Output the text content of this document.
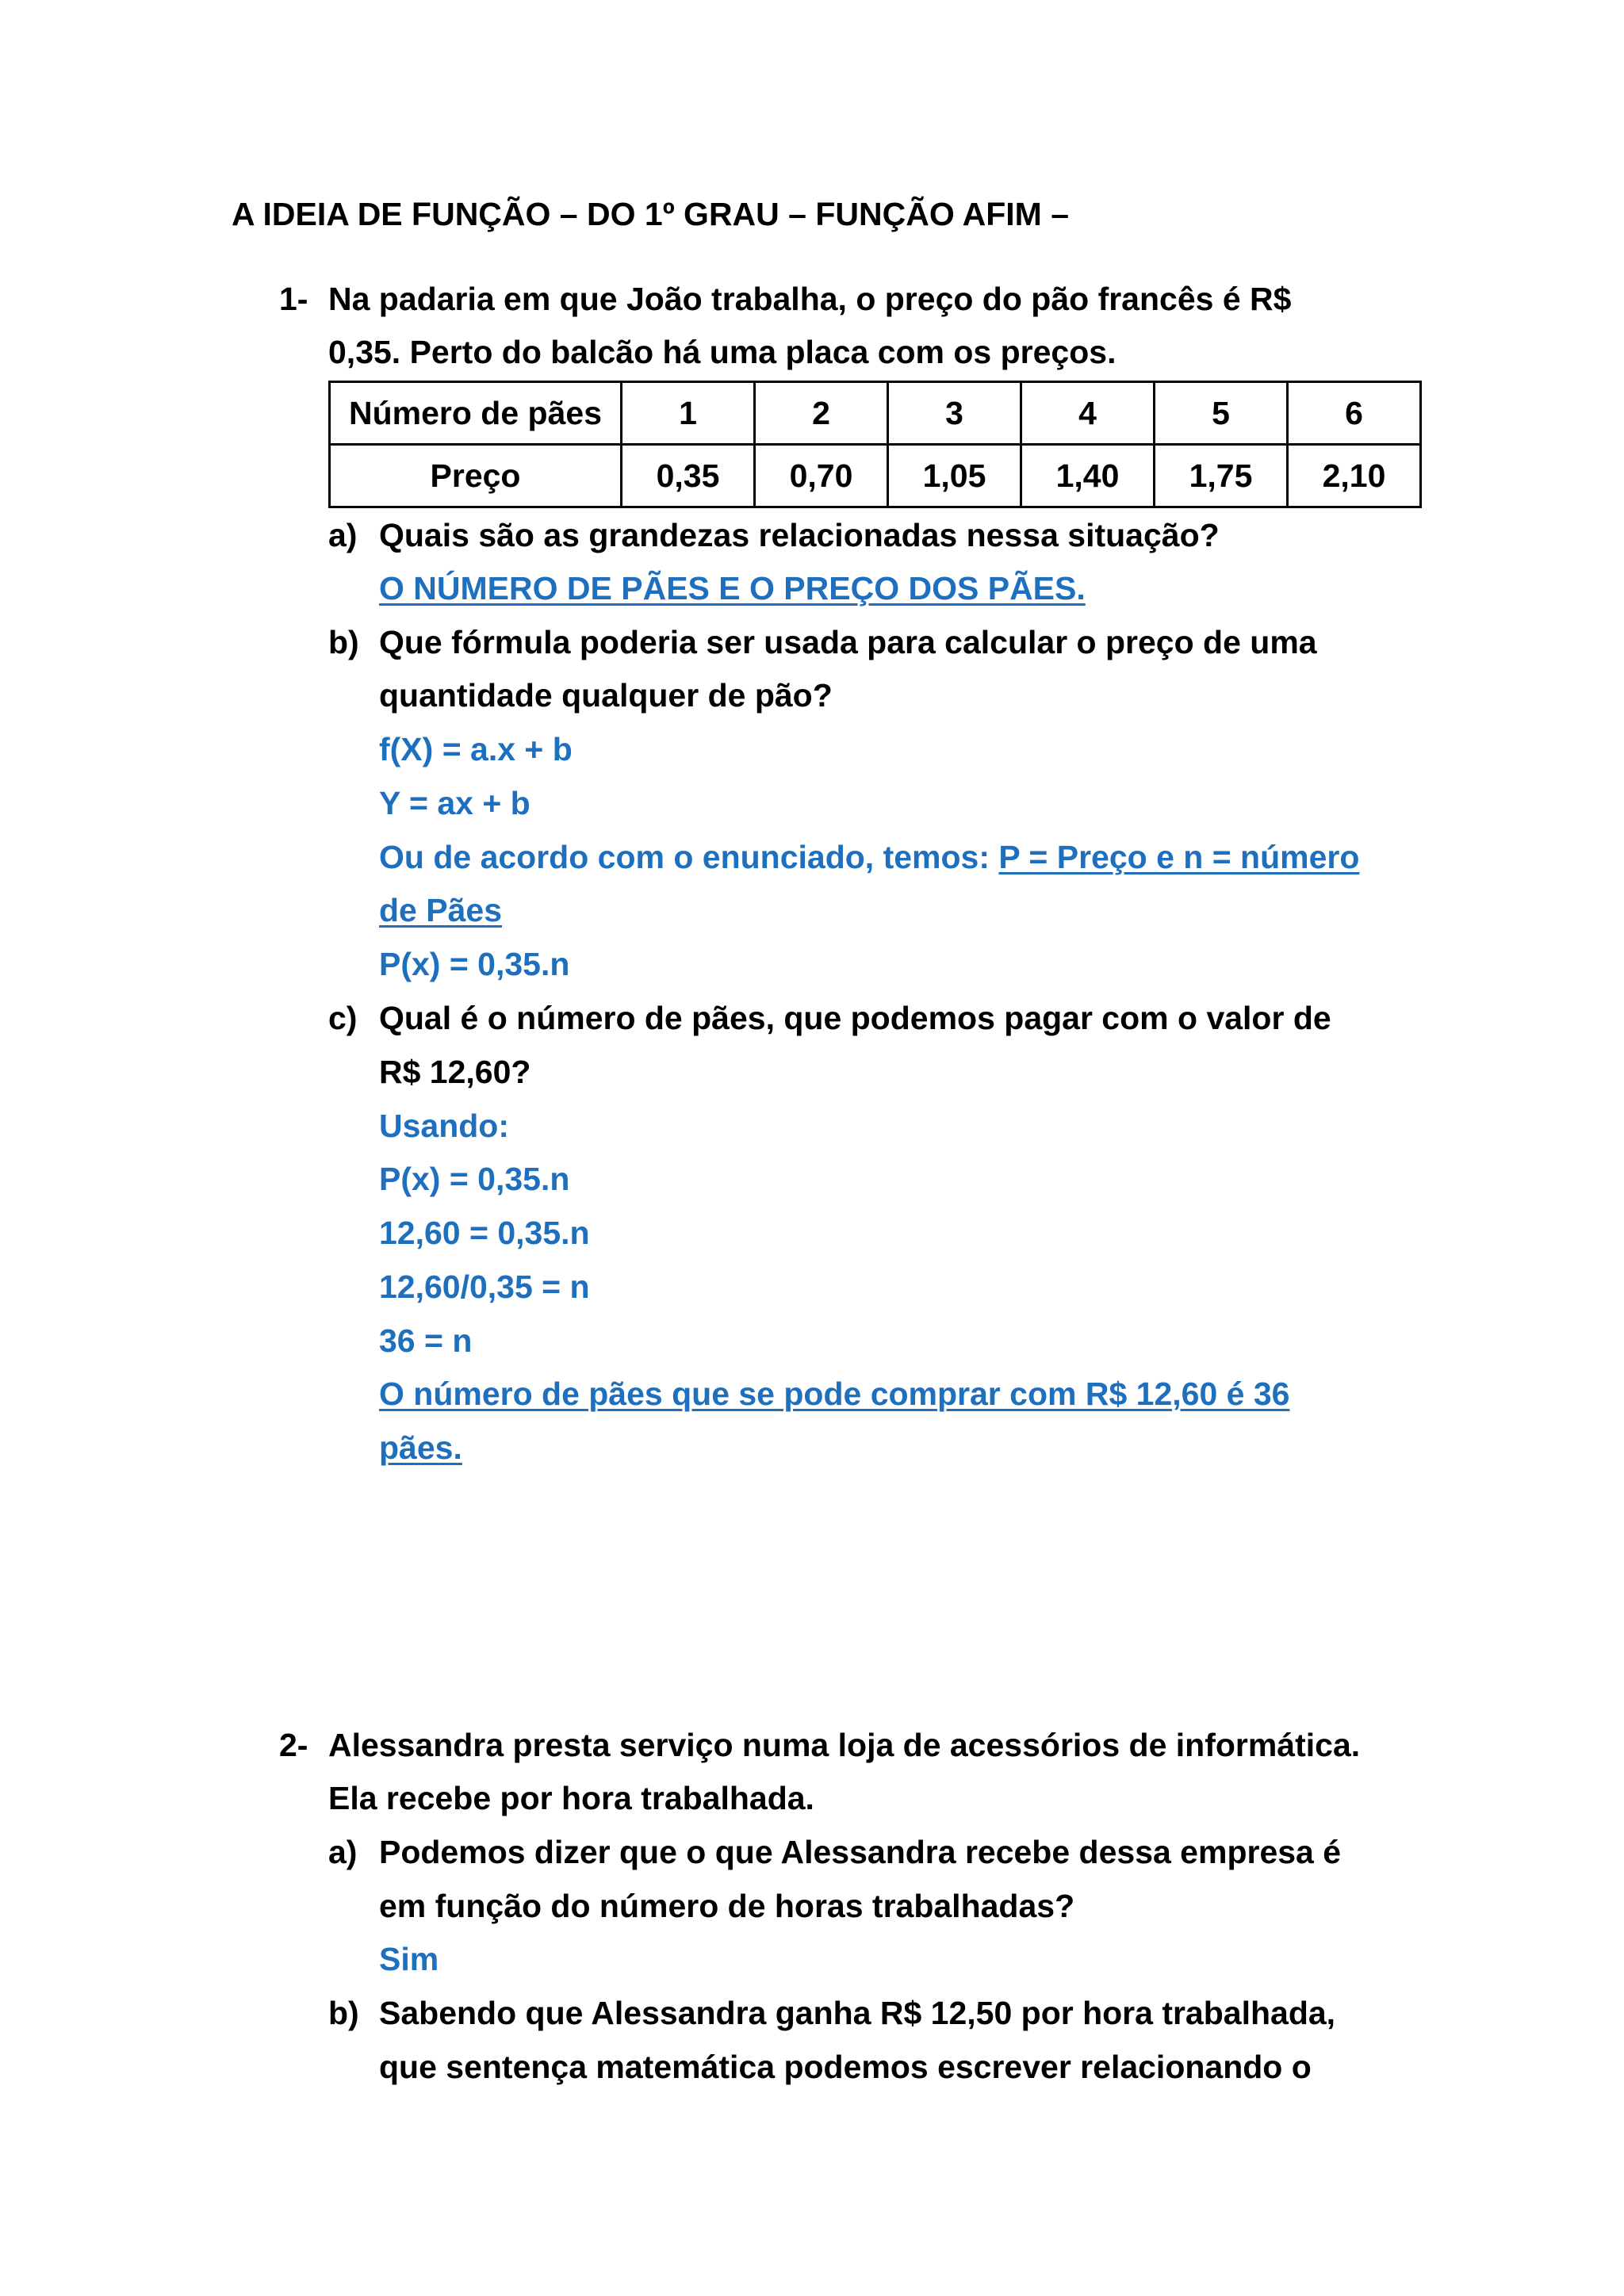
A IDEIA DE FUNÇÃO – DO 1º GRAU – FUNÇÃO AFIM –
1- Na padaria em que João trabalha, o preço do pão francês é R$
0,35. Perto do balcão há uma placa com os preços.
Número de pães	1	2	3	4	5	6
Preço	0,35	0,70	1,05	1,40	1,75	2,10
a) Quais são as grandezas relacionadas nessa situação?
O NÚMERO DE PÃES E O PREÇO DOS PÃES.
b) Que fórmula poderia ser usada para calcular o preço de uma
quantidade qualquer de pão?
f(X) = a.x + b
Y = ax + b
Ou de acordo com o enunciado, temos: P = Preço e n = número
de Pães
P(x) = 0,35.n
c) Qual é o número de pães, que podemos pagar com o valor de
R$ 12,60?
Usando:
P(x) = 0,35.n
12,60 = 0,35.n
12,60/0,35 = n
36 = n
O número de pães que se pode comprar com R$ 12,60 é 36
pães.
2- Alessandra presta serviço numa loja de acessórios de informática.
Ela recebe por hora trabalhada.
a) Podemos dizer que o que Alessandra recebe dessa empresa é
em função do número de horas trabalhadas?
Sim
b) Sabendo que Alessandra ganha R$ 12,50 por hora trabalhada,
que sentença matemática podemos escrever relacionando o
